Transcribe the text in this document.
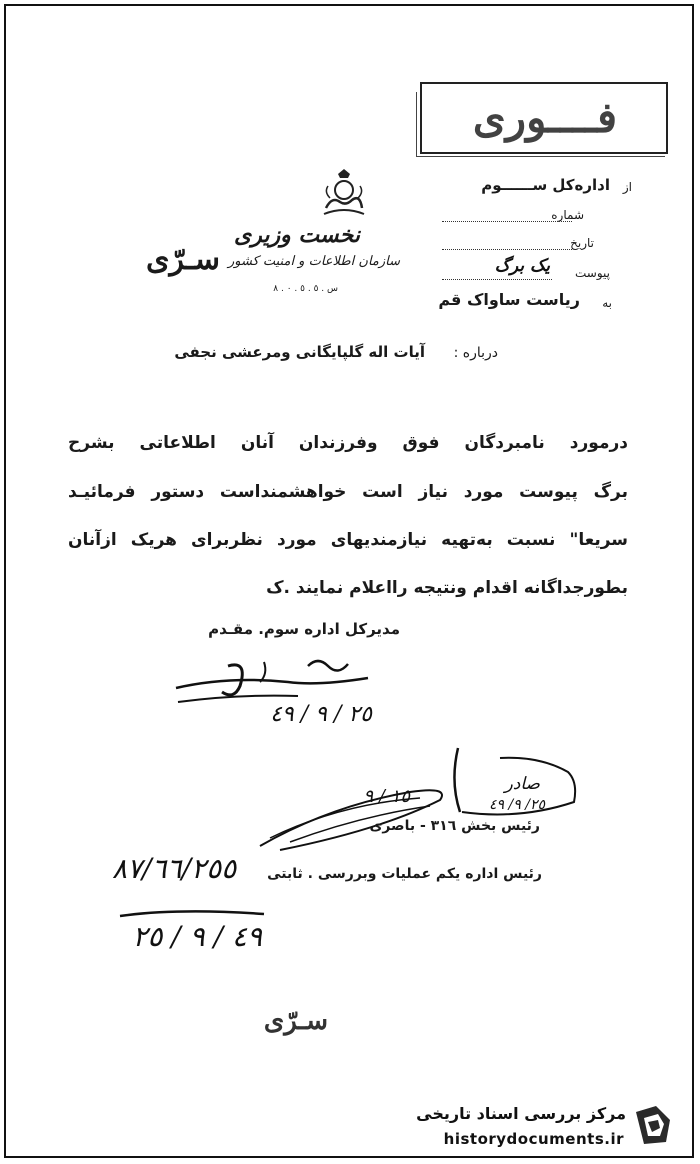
فــــوری
نخست وزیری
سازمان اطلاعات و امنیت کشور
س . ٥ . ٥ . ٠ . ٨
سـرّی
از
اداره‌کل ســــــوم
شماره
تاریخ
پیوست
یک برگ
به
ریاست ساواک قم
درباره :
آیات اله گلپایگانی ومرعشی نجفی
درمورد نامبردگان فوق وفرزندان آنان اطلاعاتی بشرح
برگ پیوست مورد نیاز است خواهشمنداست دستور فرمائیـد
سریعا" نسبت به‌تهیه نیازمندیهای مورد نظربرای هریک ازآنان
بطورجداگانه اقدام ونتیجه رااعلام نمایند .ک
مدیرکل اداره سوم. مقـدم
٢٥ / ٩ / ٤٩
صادر
٢٥/ ٩/ ٤٩
١٥ / ٩
رئیس بخش ٣١٦ - باصری
رئیس اداره یکم عملیات وبررسی . ثابتی
٨٧/٦٦/٢٥٥
٤٩ / ٩ / ٢٥
سـرّی
مرکز بررسی اسناد تاریخی
historydocuments.ir
